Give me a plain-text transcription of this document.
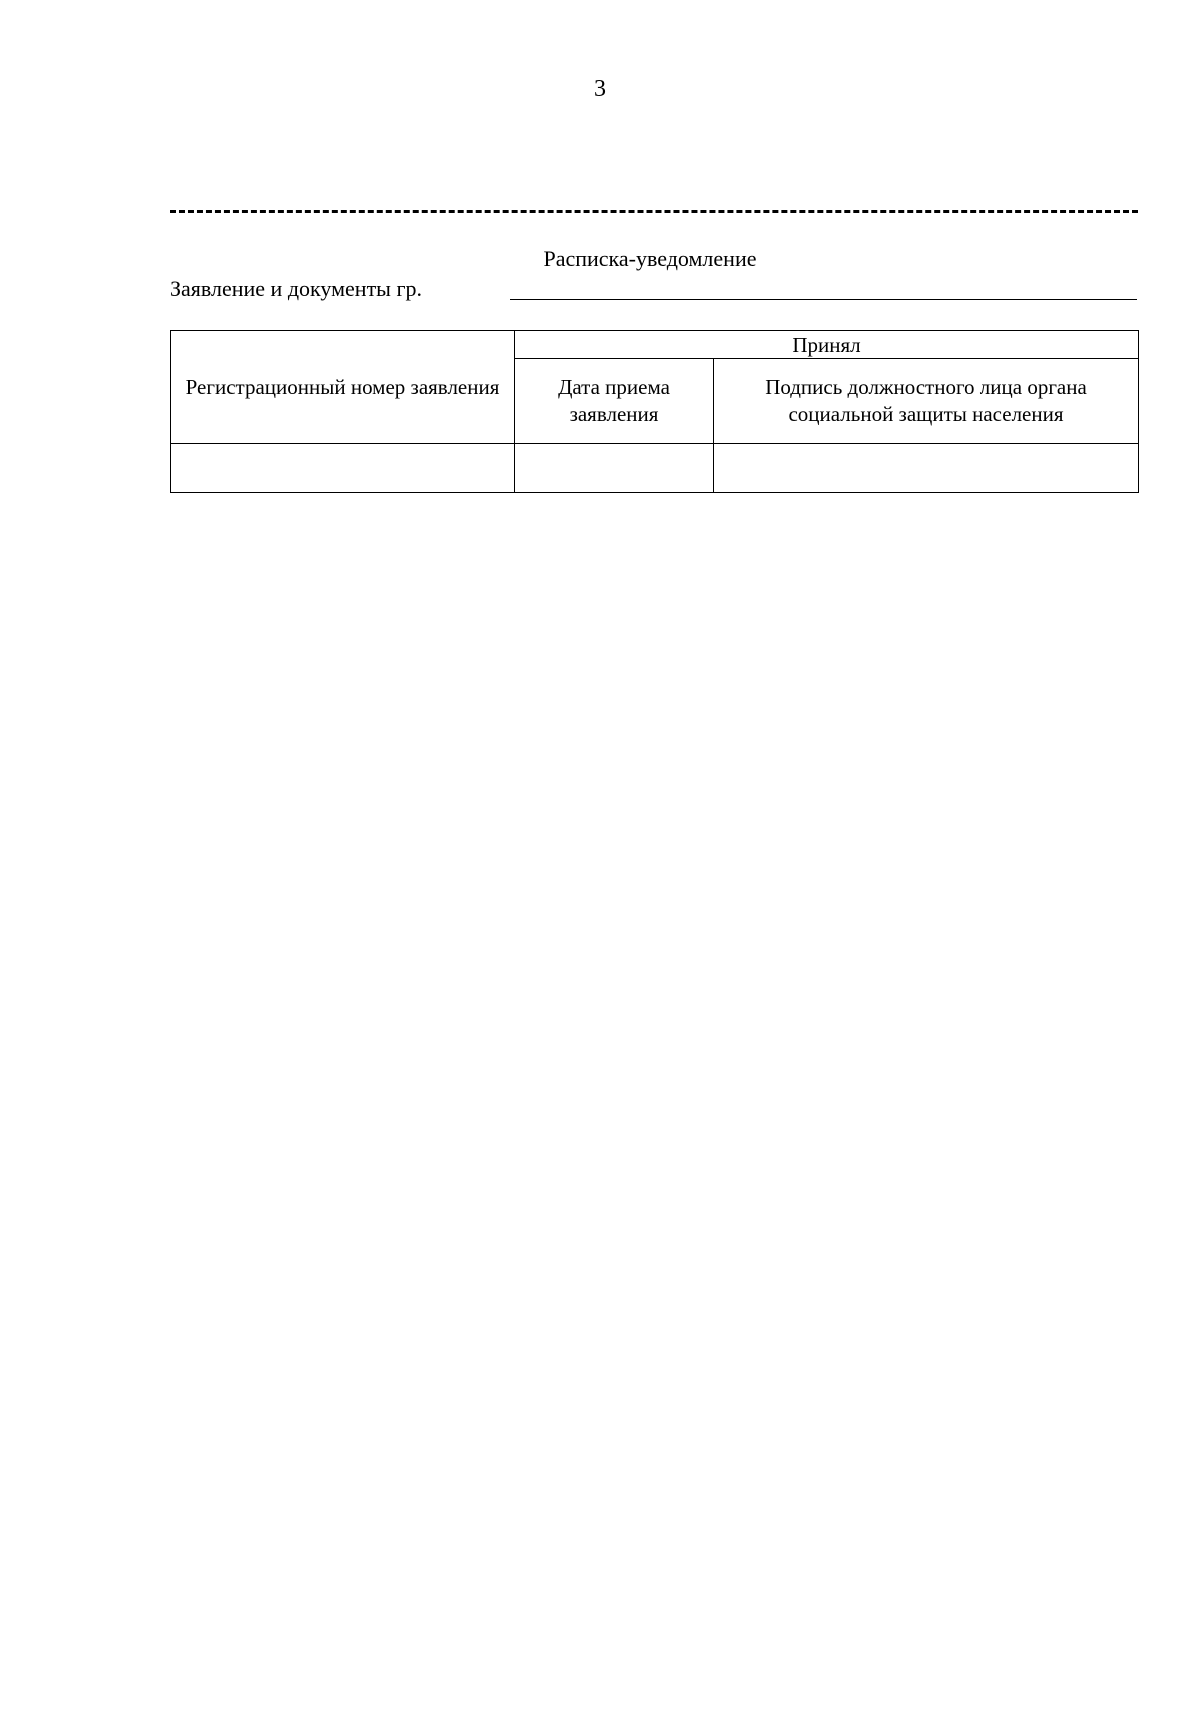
3
Расписка-уведомление
Заявление и документы гр.
Регистрационный номер заявления	Принял	
	Дата приема заявления	Подпись должностного лица органа социальной защиты населения
